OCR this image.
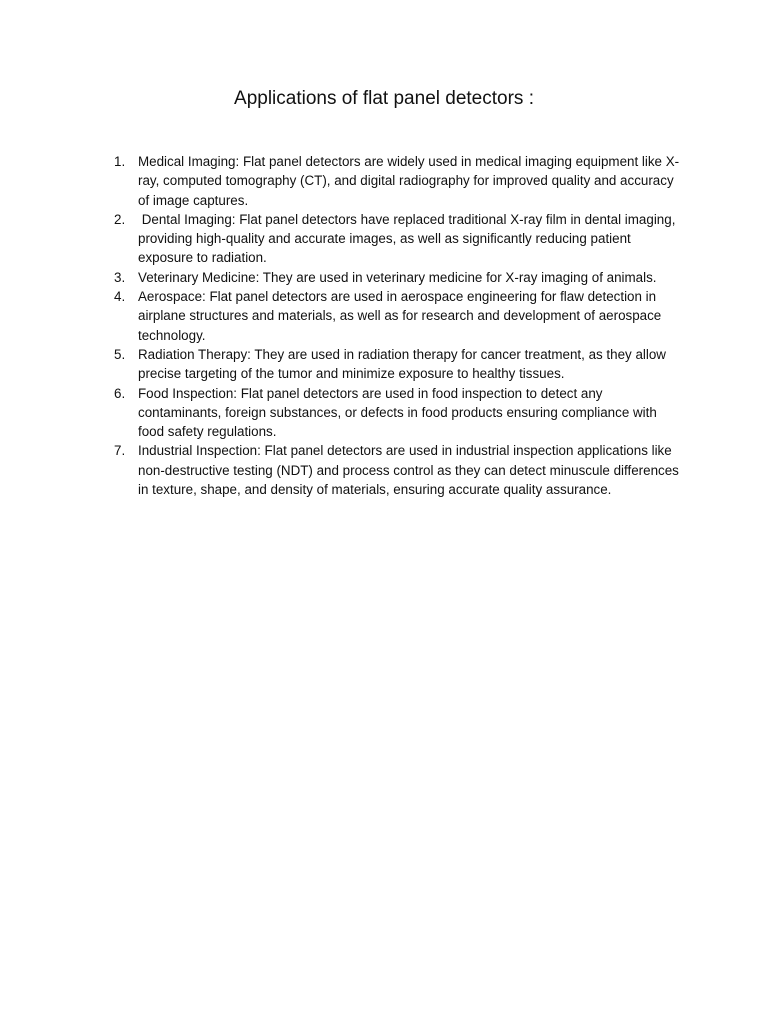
Applications of flat panel detectors :
1. Medical Imaging: Flat panel detectors are widely used in medical imaging equipment like X-ray, computed tomography (CT), and digital radiography for improved quality and accuracy of image captures.
2. Dental Imaging: Flat panel detectors have replaced traditional X-ray film in dental imaging, providing high-quality and accurate images, as well as significantly reducing patient exposure to radiation.
3. Veterinary Medicine: They are used in veterinary medicine for X-ray imaging of animals.
4. Aerospace: Flat panel detectors are used in aerospace engineering for flaw detection in airplane structures and materials, as well as for research and development of aerospace technology.
5. Radiation Therapy: They are used in radiation therapy for cancer treatment, as they allow precise targeting of the tumor and minimize exposure to healthy tissues.
6. Food Inspection: Flat panel detectors are used in food inspection to detect any contaminants, foreign substances, or defects in food products ensuring compliance with food safety regulations.
7. Industrial Inspection: Flat panel detectors are used in industrial inspection applications like non-destructive testing (NDT) and process control as they can detect minuscule differences in texture, shape, and density of materials, ensuring accurate quality assurance.
